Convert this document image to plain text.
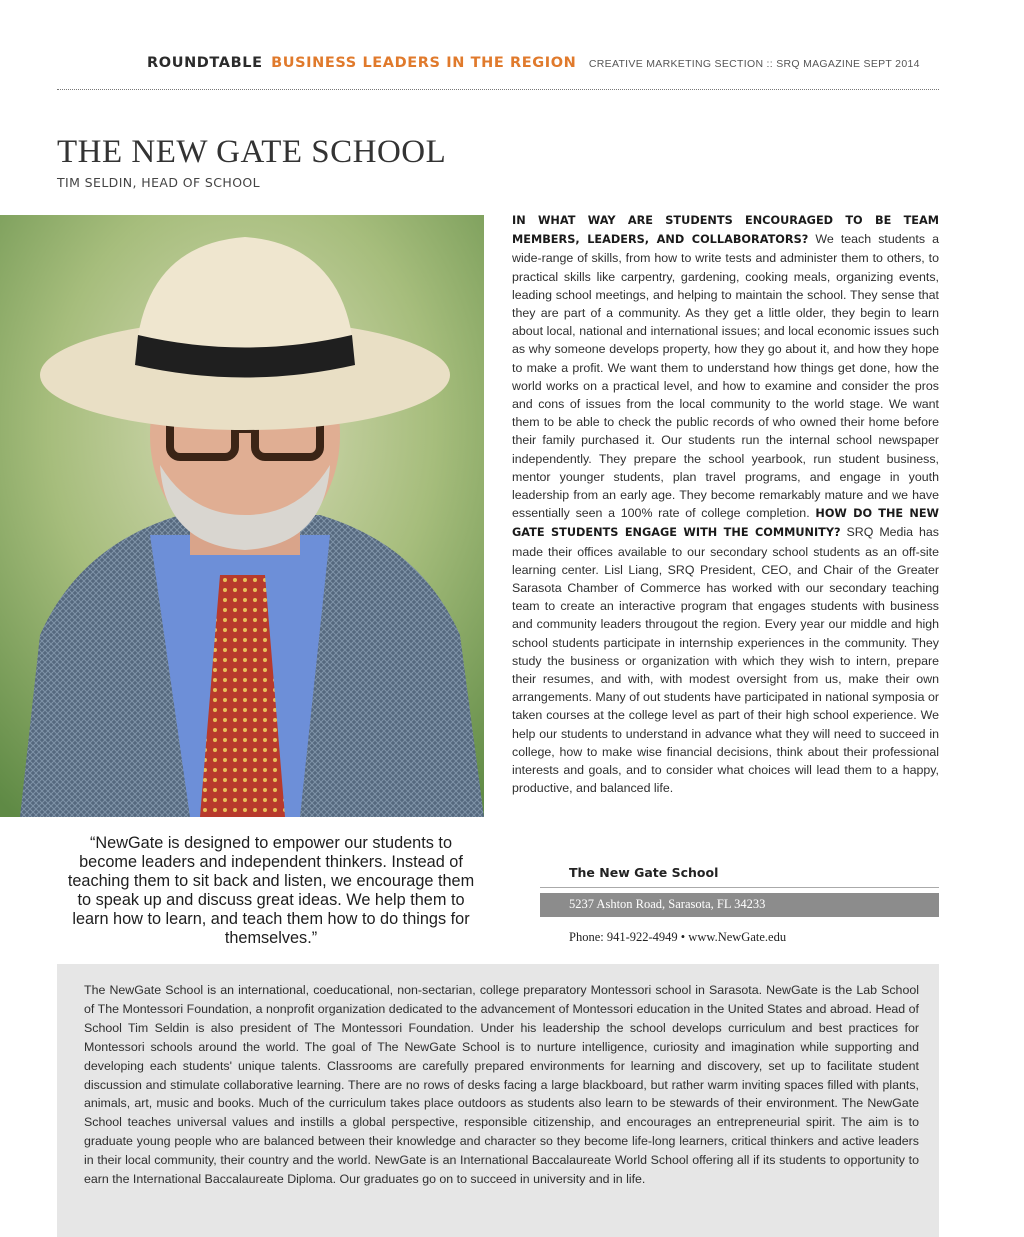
ROUNDTABLE BUSINESS LEADERS IN THE REGION CREATIVE MARKETING SECTION :: SRQ MAGAZINE SEPT 2014
THE NEW GATE SCHOOL

TIM SELDIN, HEAD OF SCHOOL

“NewGate is designed to empower our students to become leaders and independent thinkers. Instead of teaching them to sit back and listen, we encourage them to speak up and discuss great ideas. We help them to learn how to learn, and teach them how to do things for themselves.”

IN WHAT WAY ARE STUDENTS ENCOURAGED TO BE TEAM MEMBERS, LEADERS, AND COLLABORATORS? We teach students a wide-range of skills, from how to write tests and administer them to others, to practical skills like carpentry, gardening, cooking meals, organizing events, leading school meetings, and helping to maintain the school. They sense that they are part of a community. As they get a little older, they begin to learn about local, national and international issues; and local economic issues such as why someone develops property, how they go about it, and how they hope to make a profit. We want them to understand how things get done, how the world works on a practical level, and how to examine and consider the pros and cons of issues from the local community to the world stage. We want them to be able to check the public records of who owned their home before their family purchased it. Our students run the internal school newspaper independently. They prepare the school yearbook, run student business, mentor younger students, plan travel programs, and engage in youth leadership from an early age. They become remarkably mature and we have essentially seen a 100% rate of college completion. HOW DO THE NEW GATE STUDENTS ENGAGE WITH THE COMMUNITY? SRQ Media has made their offices available to our secondary school students as an off-site learning center. Lisl Liang, SRQ President, CEO, and Chair of the Greater Sarasota Chamber of Commerce has worked with our secondary teaching team to create an interactive program that engages students with business and community leaders througout the region. Every year our middle and high school students participate in internship experiences in the community. They study the business or organization with which they wish to intern, prepare their resumes, and with, with modest oversight from us, make their own arrangements. Many of out students have participated in national symposia or taken courses at the college level as part of their high school experience. We help our students to understand in advance what they will need to succeed in college, how to make wise financial decisions, think about their professional interests and goals, and to consider what choices will lead them to a happy, productive, and balanced life.

The New Gate School
5237 Ashton Road, Sarasota, FL 34233
Phone: 941-922-4949 • www.NewGate.edu

The NewGate School is an international, coeducational, non-sectarian, college preparatory Montessori school in Sarasota. NewGate is the Lab School of The Montessori Foundation, a nonprofit organization dedicated to the advancement of Montessori education in the United States and abroad. Head of School Tim Seldin is also president of The Montessori Foundation. Under his leadership the school develops curriculum and best practices for Montessori schools around the world. The goal of The NewGate School is to nurture intelligence, curiosity and imagination while supporting and developing each students' unique talents. Classrooms are carefully prepared environments for learning and discovery, set up to facilitate student discussion and stimulate collaborative learning. There are no rows of desks facing a large blackboard, but rather warm inviting spaces filled with plants, animals, art, music and books. Much of the curriculum takes place outdoors as students also learn to be stewards of their environment. The NewGate School teaches universal values and instills a global perspective, responsible citizenship, and encourages an entrepreneurial spirit. The aim is to graduate young people who are balanced between their knowledge and character so they become life-long learners, critical thinkers and active leaders in their local community, their country and the world. NewGate is an International Baccalaureate World School offering all if its students to opportunity to earn the International Baccalaureate Diploma. Our graduates go on to succeed in university and in life.
